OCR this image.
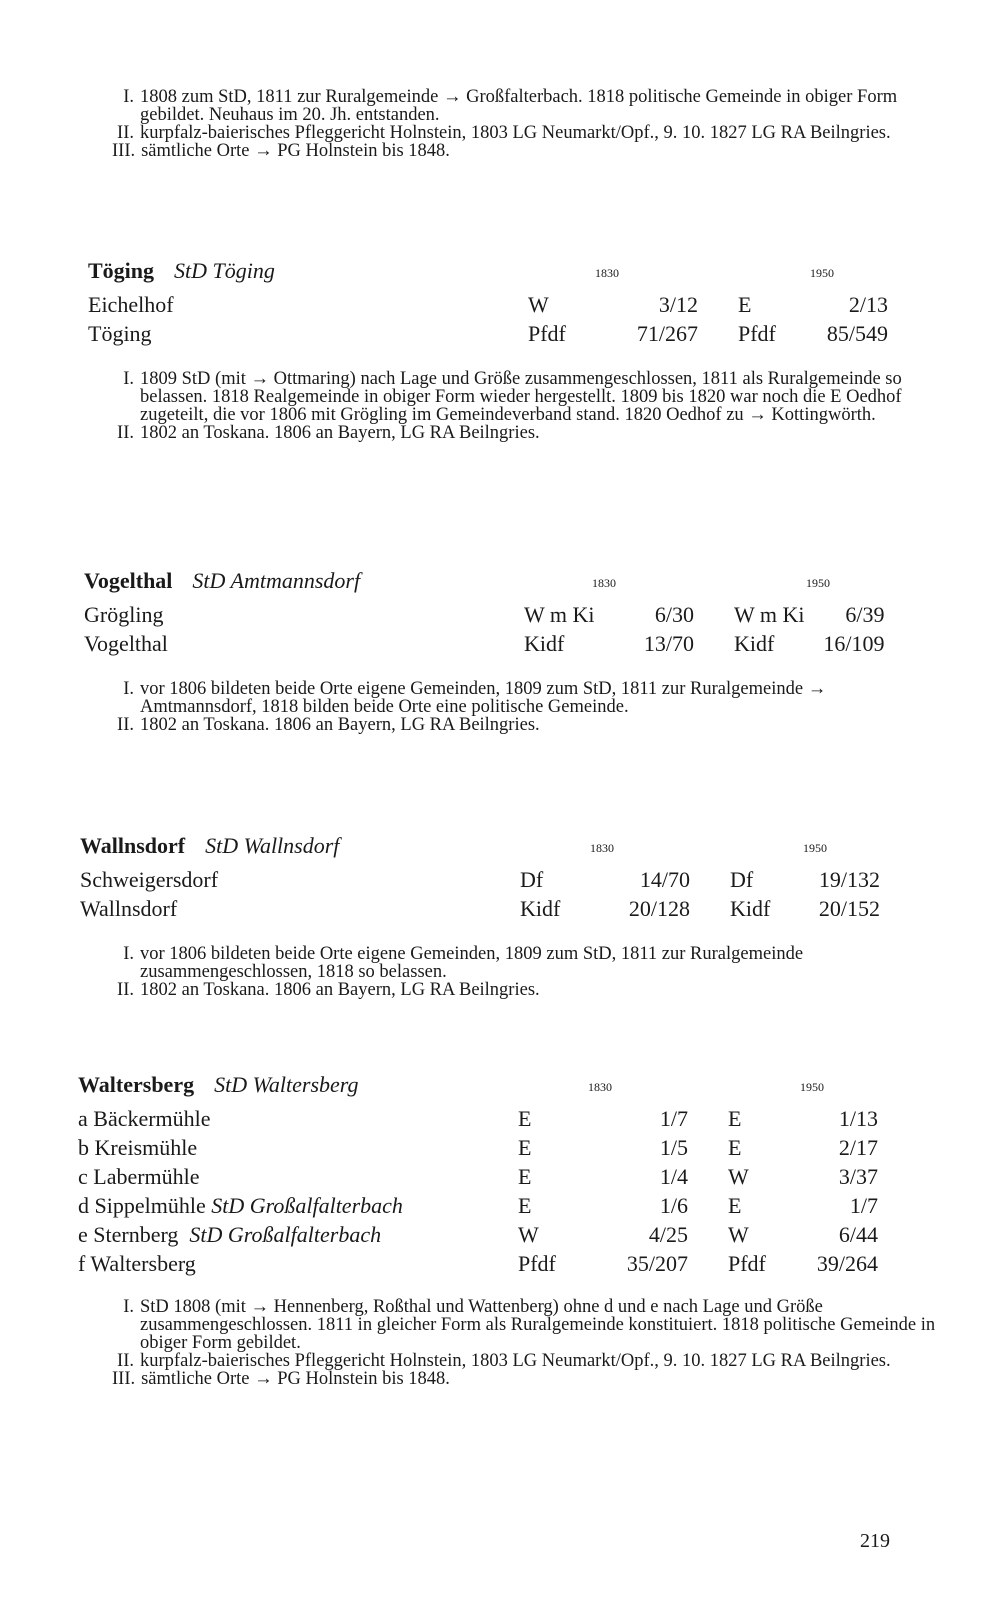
I. 1808 zum StD, 1811 zur Ruralgemeinde → Großfalterbach. 1818 politische Gemeinde in obiger Form gebildet. Neuhaus im 20. Jh. entstanden.
II. kurpfalz-baierisches Pfleggericht Holnstein, 1803 LG Neumarkt/Opf., 9. 10. 1827 LG RA Beilngries.
III. sämtliche Orte → PG Holnstein bis 1848.
Töging StD Töging	1830	1950
Eichelhof	W	3/12	E	2/13
Töging	Pfdf	71/267	Pfdf	85/549
I. 1809 StD (mit → Ottmaring) nach Lage und Größe zusammengeschlossen, 1811 als Ruralgemeinde so belassen. 1818 Realgemeinde in obiger Form wieder hergestellt. 1809 bis 1820 war noch die E Oedhof zugeteilt, die vor 1806 mit Grögling im Gemeindeverband stand. 1820 Oedhof zu → Kottingwörth.
II. 1802 an Toskana. 1806 an Bayern, LG RA Beilngries.
Vogelthal StD Amtmannsdorf	1830	1950
Grögling	W m Ki	6/30	W m Ki	6/39
Vogelthal	Kidf	13/70	Kidf	16/109
I. vor 1806 bildeten beide Orte eigene Gemeinden, 1809 zum StD, 1811 zur Ruralgemeinde → Amtmannsdorf, 1818 bilden beide Orte eine politische Gemeinde.
II. 1802 an Toskana. 1806 an Bayern, LG RA Beilngries.
Wallnsdorf StD Wallnsdorf	1830	1950
Schweigersdorf	Df	14/70	Df	19/132
Wallnsdorf	Kidf	20/128	Kidf	20/152
I. vor 1806 bildeten beide Orte eigene Gemeinden, 1809 zum StD, 1811 zur Ruralgemeinde zusammengeschlossen, 1818 so belassen.
II. 1802 an Toskana. 1806 an Bayern, LG RA Beilngries.
Waltersberg StD Waltersberg	1830	1950
a Bäckermühle	E	1/7	E	1/13
b Kreismühle	E	1/5	E	2/17
c Labermühle	E	1/4	W	3/37
d Sippelmühle StD Großalfalterbach	E	1/6	E	1/7
e Sternberg StD Großalfalterbach	W	4/25	W	6/44
f Waltersberg	Pfdf	35/207	Pfdf	39/264
I. StD 1808 (mit → Hennenberg, Roßthal und Wattenberg) ohne d und e nach Lage und Größe zusammengeschlossen. 1811 in gleicher Form als Ruralgemeinde konstituiert. 1818 politische Gemeinde in obiger Form gebildet.
II. kurpfalz-baierisches Pfleggericht Holnstein, 1803 LG Neumarkt/Opf., 9. 10. 1827 LG RA Beilngries.
III. sämtliche Orte → PG Holnstein bis 1848.
219
